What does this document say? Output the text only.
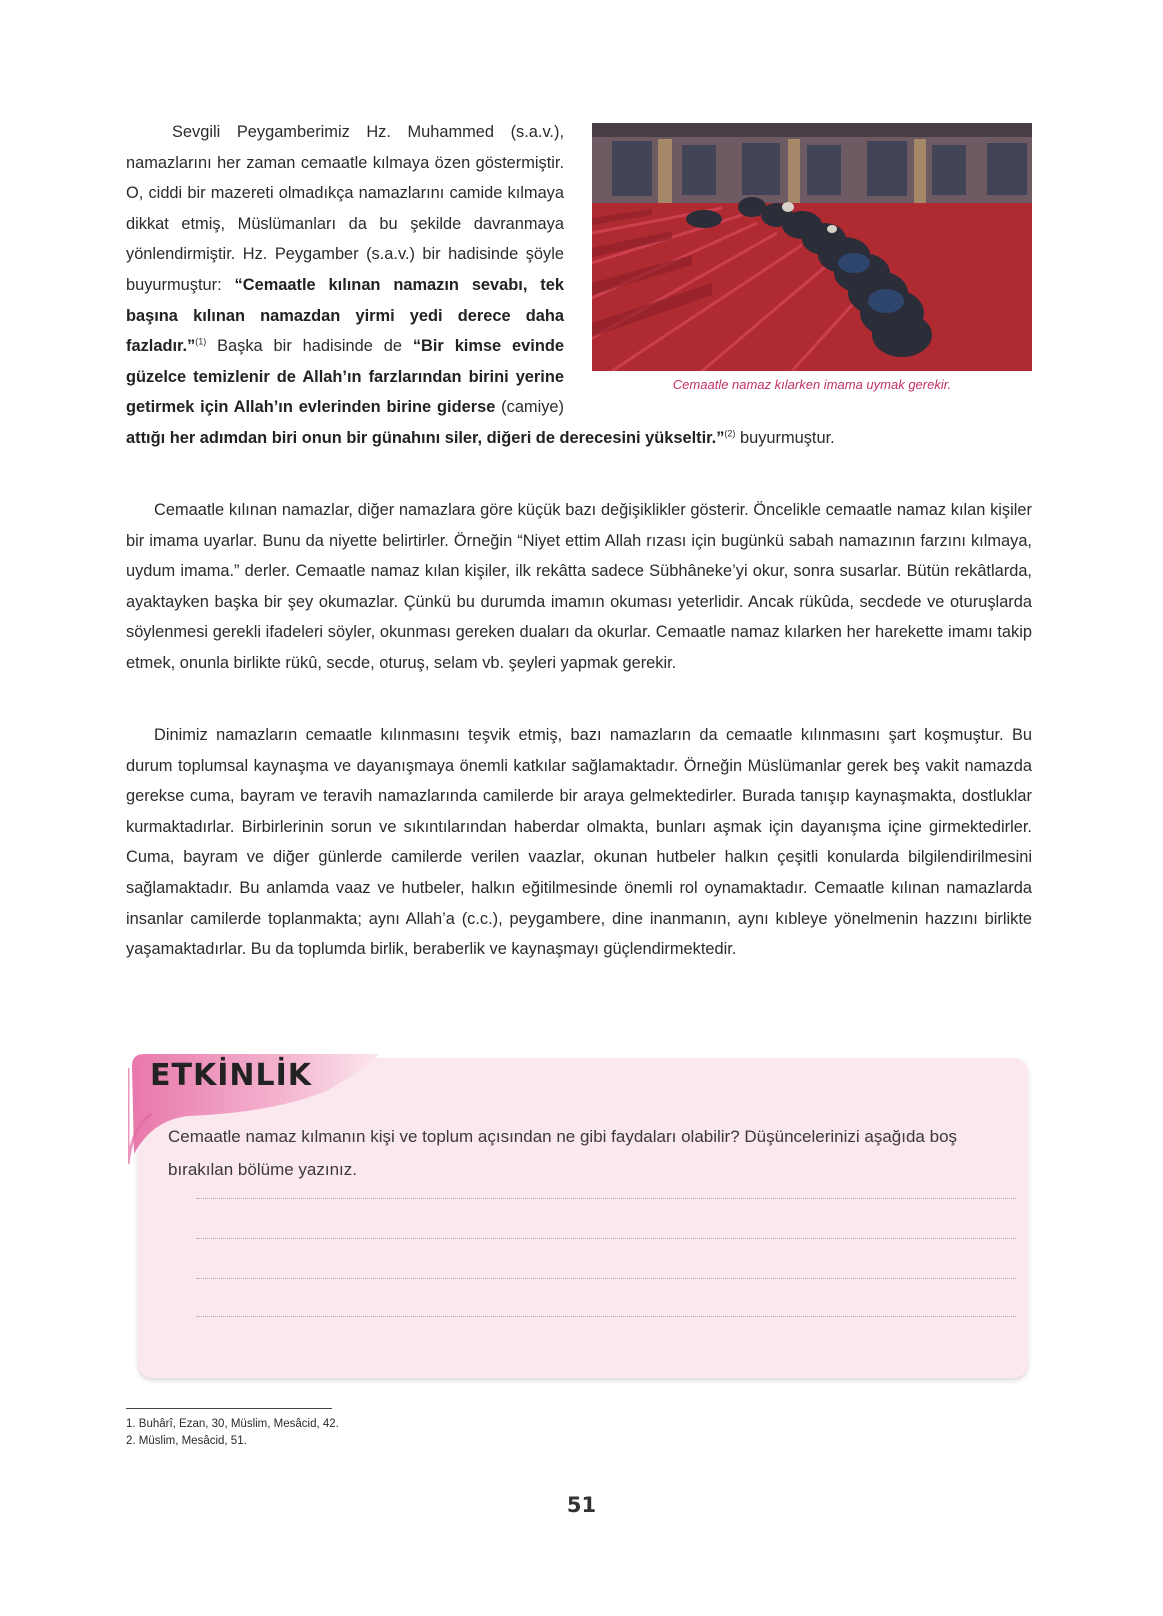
Cemaatle namaz kılarken imama uymak gerekir.
Sevgili Peygamberimiz Hz. Muhammed (s.a.v.), namazlarını her zaman cemaatle kılmaya özen göstermiştir. O, ciddi bir mazereti olmadıkça namazlarını camide kılmaya dikkat etmiş, Müslümanları da bu şekilde davranmaya yönlendirmiştir. Hz. Peygamber (s.a.v.) bir hadisinde şöyle buyurmuştur: “Cemaatle kılınan namazın sevabı, tek başına kılınan namazdan yirmi yedi derece daha fazladır.”$^{(1)}$ Başka bir hadisinde de “Bir kimse evinde güzelce temizlenir de Allah’ın farzlarından birini yerine getirmek için Allah’ın evlerinden birine giderse (camiye) attığı her adımdan biri onun bir günahını siler, diğeri de derecesini yükseltir.”$^{(2)}$ buyurmuştur.

Cemaatle kılınan namazlar, diğer namazlara göre küçük bazı değişiklikler gösterir. Öncelikle cemaatle namaz kılan kişiler bir imama uyarlar. Bunu da niyette belirtirler. Örneğin “Niyet ettim Allah rızası için bugünkü sabah namazının farzını kılmaya, uydum imama.” derler. Cemaatle namaz kılan kişiler, ilk rekâtta sadece Sübhâneke’yi okur, sonra susarlar. Bütün rekâtlarda, ayaktayken başka bir şey okumazlar. Çünkü bu durumda imamın okuması yeterlidir. Ancak rükûda, secdede ve oturuşlarda söylenmesi gerekli ifadeleri söyler, okunması gereken duaları da okurlar. Cemaatle namaz kılarken her harekette imamı takip etmek, onunla birlikte rükû, secde, oturuş, selam vb. şeyleri yapmak gerekir.

Dinimiz namazların cemaatle kılınmasını teşvik etmiş, bazı namazların da cemaatle kılınmasını şart koşmuştur. Bu durum toplumsal kaynaşma ve dayanışmaya önemli katkılar sağlamaktadır. Örneğin Müslümanlar gerek beş vakit namazda gerekse cuma, bayram ve teravih namazlarında camilerde bir araya gelmektedirler. Burada tanışıp kaynaşmakta, dostluklar kurmaktadırlar. Birbirlerinin sorun ve sıkıntılarından haberdar olmakta, bunları aşmak için dayanışma içine girmektedirler. Cuma, bayram ve diğer günlerde camilerde verilen vaazlar, okunan hutbeler halkın çeşitli konularda bilgilendirilmesini sağlamaktadır. Bu anlamda vaaz ve hutbeler, halkın eğitilmesinde önemli rol oynamaktadır. Cemaatle kılınan namazlarda insanlar camilerde toplanmakta; aynı Allah’a (c.c.), peygambere, dine inanmanın, aynı kıbleye yönelmenin hazzını birlikte yaşamaktadırlar. Bu da toplumda birlik, beraberlik ve kaynaşmayı güçlendirmektedir.

Cemaatle namaz kılmanın kişi ve toplum açısından ne gibi faydaları olabilir? Düşüncelerinizi aşağıda boş bırakılan bölüme yazınız.
ETKİNLİK
1. Buhârî, Ezan, 30, Müslim, Mesâcid, 42.
2. Müslim, Mesâcid, 51.
51
